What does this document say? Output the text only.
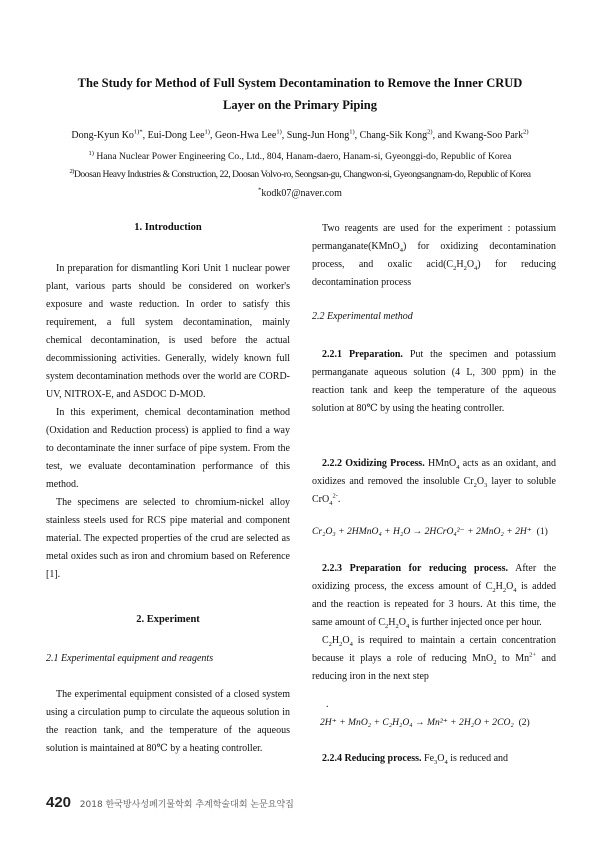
The Study for Method of Full System Decontamination to Remove the Inner CRUD
Layer on the Primary Piping
Dong-Kyun $Ko^{1)*}$, Eui-Dong Lee$^{1)}$, Geon-Hwa Lee$^{1)}$, Sung-Jun Hong$^{1)}$, Chang-Sik Kong$^{2)}$, and Kwang-Soo Park$^{2)}$
$^{1)}$ Hana Nuclear Power Engineering Co., Ltd., 804, Hanam-daero, Hanam-si, Gyeonggi-do, Republic of Korea
$^{2)}$Doosan Heavy Industries & Construction, 22, Doosan Volvo-ro, Seongsan-gu, Changwon-si, Gyeongsangnam-do, Republic of Korea
*kodk07@naver.com
1. Introduction

In preparation for dismantling Kori Unit 1 nuclear power plant, various parts should be considered on worker's exposure and waste reduction. In order to satisfy this requirement, a full system decontamination, mainly chemical decontamination, is used before the actual decommissioning activities. Generally, widely known full system decontamination methods over the world are CORD-UV, NITROX-E, and ASDOC D-MOD.

In this experiment, chemical decontamination method (Oxidation and Reduction process) is applied to find a way to decontaminate the inner surface of pipe system. From the test, we evaluate decontamination performance of this method.

The specimens are selected to chromium-nickel alloy stainless steels used for RCS pipe material and component material. The expected properties of the crud are selected as metal oxides such as iron and chromium based on Reference [1].

2. Experiment
2.1 Experimental equipment and reagents

The experimental equipment consisted of a closed system using a circulation pump to circulate the aqueous solution in the reaction tank, and the temperature of the aqueous solution is maintained at 80℃ by a heating controller.

Two reagents are used for the experiment : potassium permanganate(KMnO$_4$) for oxidizing decontamination process, and oxalic $acid(C_2H_2O_4)$ for reducing decontamination process

2.2 Experimental method

2.2.1 Preparation. Put the specimen and potassium permanganate aqueous solution (4 L, 300 ppm) in the reaction tank and keep the temperature of the aqueous solution at 80℃ by using the heating controller.

2.2.2 Oxidizing Process. HMnO$_4$ acts as an oxidant, and oxidizes and removed the insoluble $Cr_2O_3$ layer to soluble CrO$_4^{2-}$.

Cr₂O₃ + 2HMnO₄ + H₂O → 2HCrO₄²⁻ + 2MnO₂ + 2H⁺ (1)

2.2.3 Preparation for reducing process. After the oxidizing process, the excess amount of $C_2H_2O_4$ is added and the reaction is repeated for 3 hours. At this time, the same amount of $C_2H_2O_4$ is further injected once per hour.

$C_2H_2O_4$ is required to maintain a certain concentration because it plays a role of reducing MnO$_2$ to $Mn^{2+}$ and reducing iron in the next step

.
2H⁺ + MnO₂ + C₂H₂O₄ → Mn²⁺ + 2H₂O + 2CO₂ (2)

2.2.4 Reducing process. $Fe_3O_4$ is reduced and

420 2018 한국방사성폐기물학회 추계학술대회 논문요약집
